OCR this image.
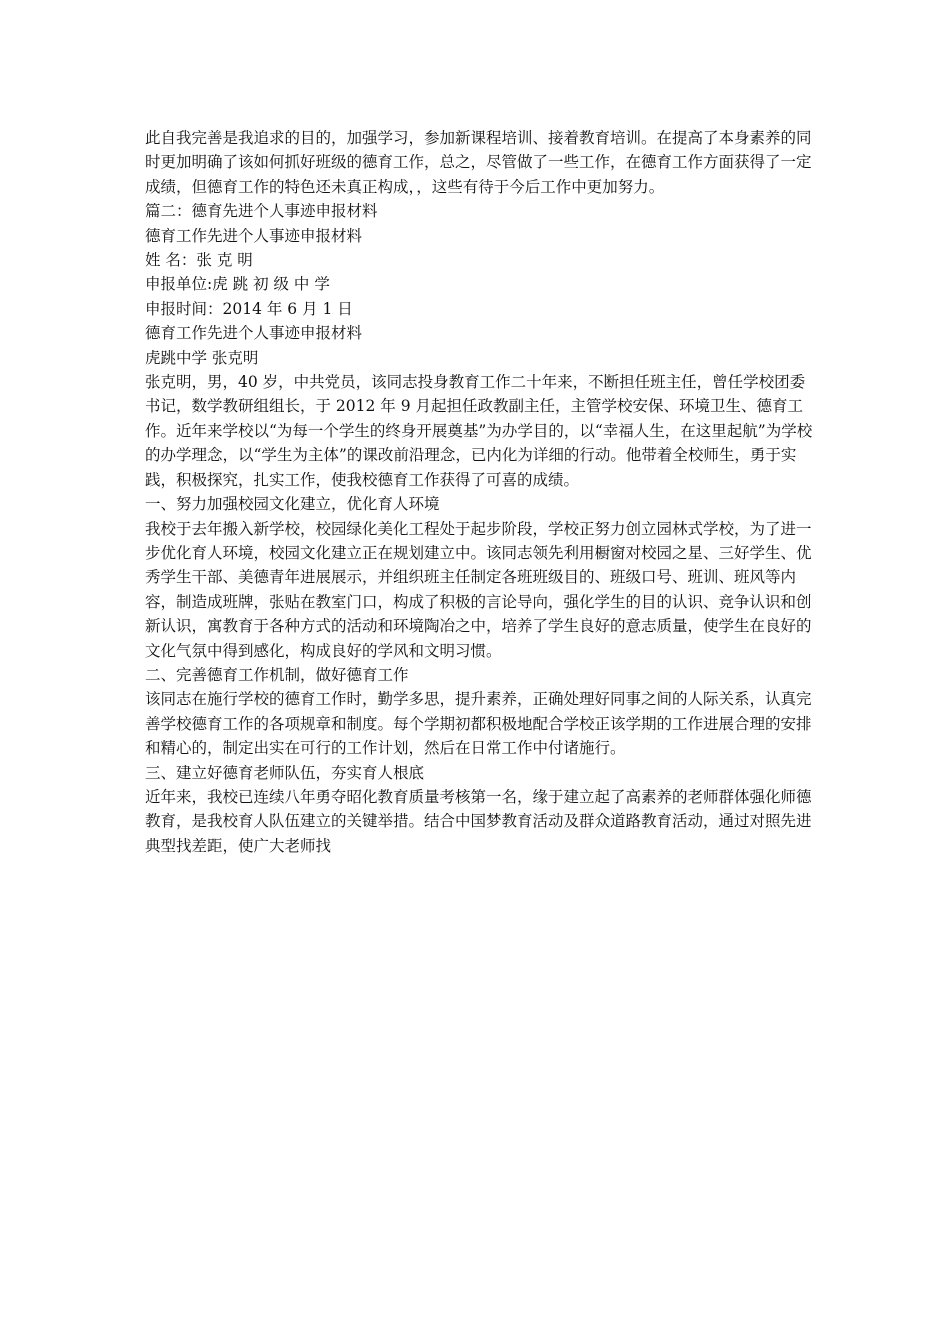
此自我完善是我追求的目的，加强学习，参加新课程培训、接着教育培训。在提高了本身素养的同时更加明确了该如何抓好班级的德育工作，总之，尽管做了一些工作，在德育工作方面获得了一定成绩，但德育工作的特色还未真正构成，，这些有待于今后工作中更加努力。

篇二：德育先进个人事迹申报材料

德育工作先进个人事迹申报材料

姓 名：张 克 明

申报单位:虎 跳 初 级 中 学

申报时间：2014 年 6 月 1 日

德育工作先进个人事迹申报材料

虎跳中学 张克明

张克明，男，40 岁，中共党员，该同志投身教育工作二十年来，不断担任班主任，曾任学校团委书记，数学教研组组长，于 2012 年 9 月起担任政教副主任，主管学校安保、环境卫生、德育工作。近年来学校以“为每一个学生的终身开展奠基”为办学目的，以“幸福人生，在这里起航”为学校的办学理念，以“学生为主体”的课改前沿理念，已内化为详细的行动。他带着全校师生，勇于实践，积极探究，扎实工作，使我校德育工作获得了可喜的成绩。

一、努力加强校园文化建立，优化育人环境

我校于去年搬入新学校，校园绿化美化工程处于起步阶段，学校正努力创立园林式学校，为了进一步优化育人环境，校园文化建立正在规划建立中。该同志领先利用橱窗对校园之星、三好学生、优秀学生干部、美德青年进展展示，并组织班主任制定各班班级目的、班级口号、班训、班风等内容，制造成班牌，张贴在教室门口，构成了积极的言论导向，强化学生的目的认识、竞争认识和创新认识，寓教育于各种方式的活动和环境陶冶之中，培养了学生良好的意志质量，使学生在良好的文化气氛中得到感化，构成良好的学风和文明习惯。

二、完善德育工作机制，做好德育工作

该同志在施行学校的德育工作时，勤学多思，提升素养，正确处理好同事之间的人际关系，认真完善学校德育工作的各项规章和制度。每个学期初都积极地配合学校正该学期的工作进展合理的安排和精心的，制定出实在可行的工作计划，然后在日常工作中付诸施行。

三、建立好德育老师队伍，夯实育人根底

近年来，我校已连续八年勇夺昭化教育质量考核第一名，缘于建立起了高素养的老师群体强化师德教育，是我校育人队伍建立的关键举措。结合中国梦教育活动及群众道路教育活动，通过对照先进典型找差距，使广大老师找
